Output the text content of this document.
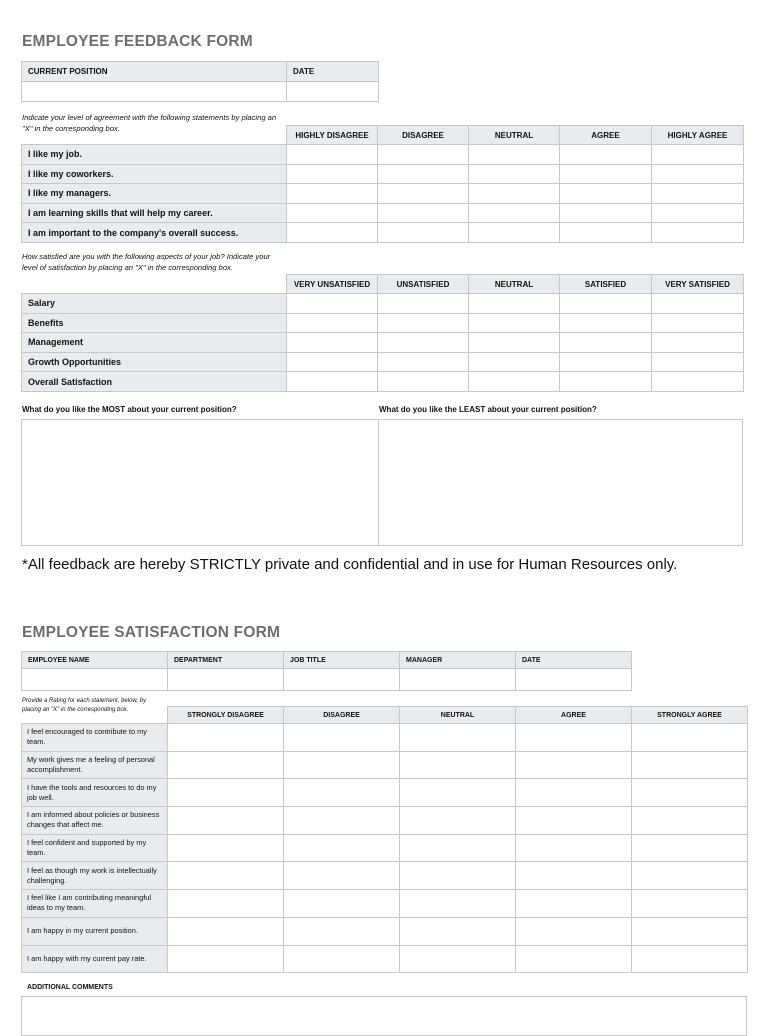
EMPLOYEE FEEDBACK FORM
CURRENT POSITION	DATE

Indicate your level of agreement with the following statements by placing an "X" in the corresponding box.
	HIGHLY DISAGREE	DISAGREE	NEUTRAL	AGREE	HIGHLY AGREE
I like my job.					
I like my coworkers.					
I like my managers.					
I am learning skills that will help my career.					
I am important to the company's overall success.					
How satisfied are you with the following aspects of your job? Indicate your level of satisfaction by placing an "X" in the corresponding box.
	VERY UNSATISFIED	UNSATISFIED	NEUTRAL	SATISFIED	VERY SATISFIED
Salary					
Benefits					
Management					
Growth Opportunities					
Overall Satisfaction					
What do you like the MOST about your current position?	What do you like the LEAST about your current position?
*All feedback are hereby STRICTLY private and confidential and in use for Human Resources only.
EMPLOYEE SATISFACTION FORM
EMPLOYEE NAME	DEPARTMENT	JOB TITLE	MANAGER	DATE

Provide a Rating for each statement, below, by placing an "X" in the corresponding box.
	STRONGLY DISAGREE	DISAGREE	NEUTRAL	AGREE	STRONGLY AGREE
I feel encouraged to contribute to my team.					
My work gives me a feeling of personal accomplishment.					
I have the tools and resources to do my job well.					
I am informed about policies or business changes that affect me.					
I feel confident and supported by my team.					
I feel as though my work is intellectually challenging.					
I feel like I am contributing meaningful ideas to my team.					
I am happy in my current position.					
I am happy with my current pay rate.					
ADDITIONAL COMMENTS
